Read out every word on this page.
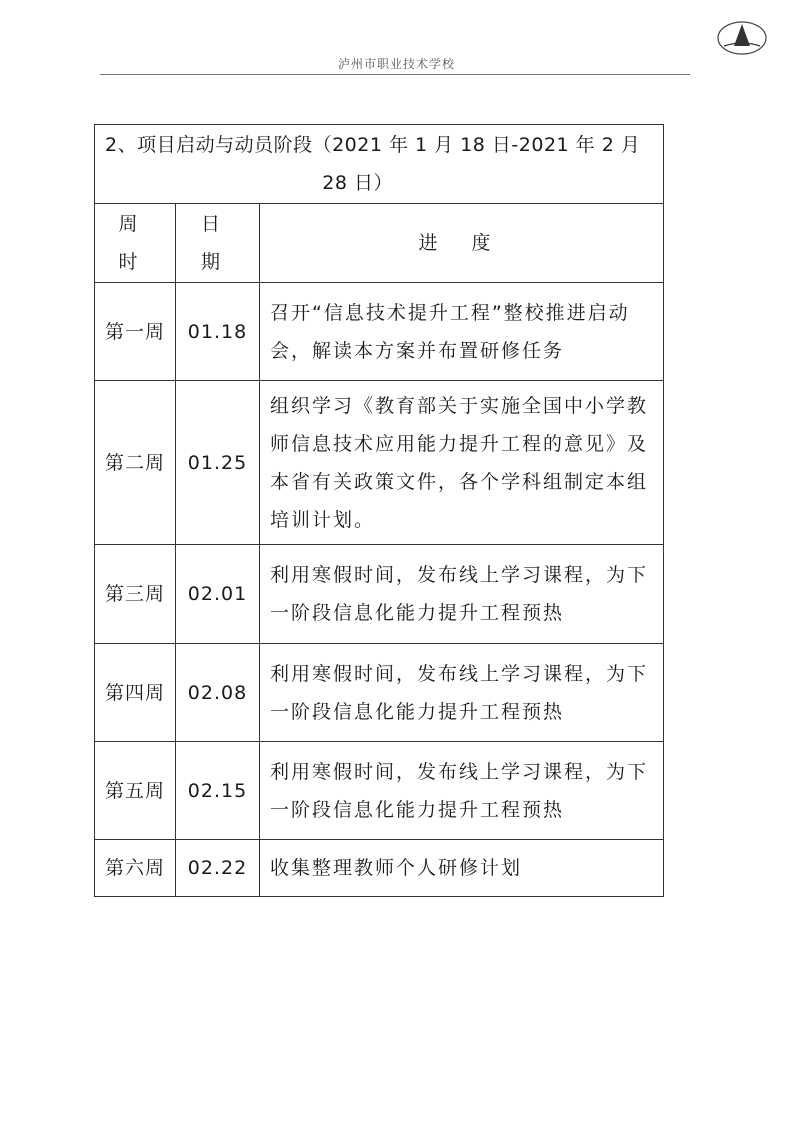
泸州市职业技术学校
2、项目启动与动员阶段（2021 年 1 月 18 日-2021 年 2 月
28 日）		

周 时	日 期	进 度
第一周	01.18	召开“信息技术提升工程”整校推进启动会，解读本方案并布置研修任务
第二周	01.25	组织学习《教育部关于实施全国中小学教师信息技术应用能力提升工程的意见》及本省有关政策文件，各个学科组制定本组培训计划。
第三周	02.01	利用寒假时间，发布线上学习课程，为下一阶段信息化能力提升工程预热
第四周	02.08	利用寒假时间，发布线上学习课程，为下一阶段信息化能力提升工程预热
第五周	02.15	利用寒假时间，发布线上学习课程，为下一阶段信息化能力提升工程预热
第六周	02.22	收集整理教师个人研修计划
